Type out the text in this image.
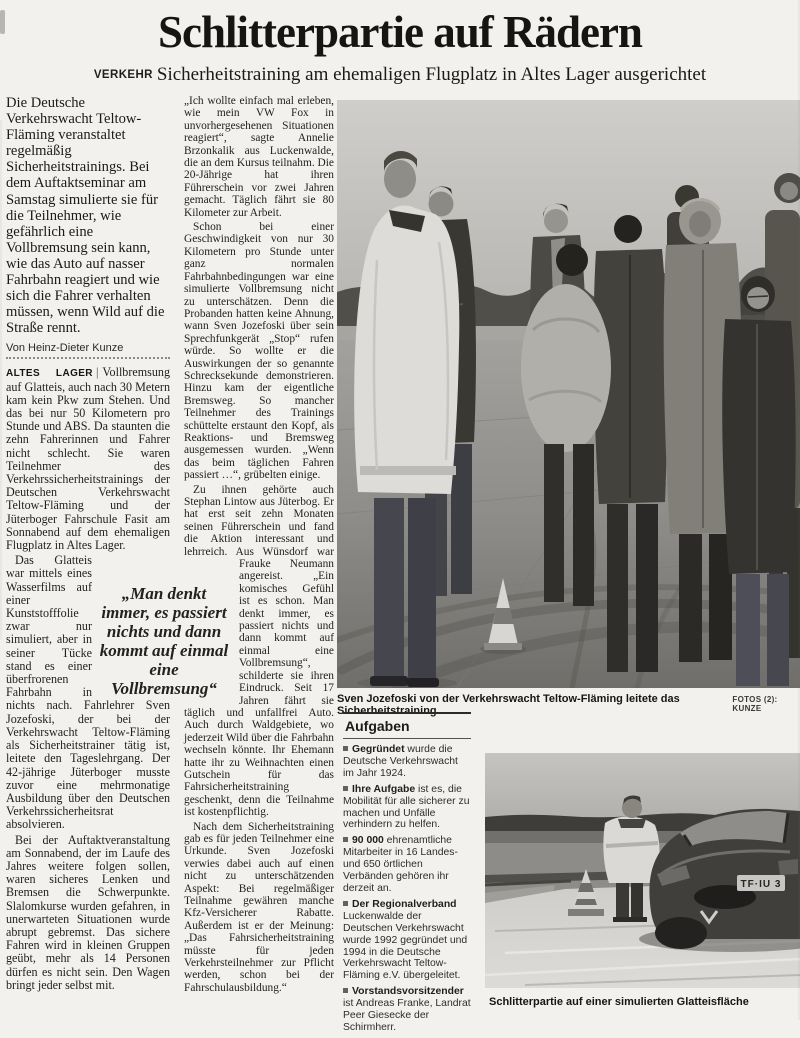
Schlitterpartie auf Rädern
VERKEHR Sicherheitstraining am ehemaligen Flugplatz in Altes Lager ausgerichtet

Die Deutsche Verkehrswacht Teltow-Fläming veranstaltet regelmäßig Sicherheitstrainings. Bei dem Auftaktseminar am Samstag simulierte sie für die Teilnehmer, wie gefährlich eine Vollbremsung sein kann, wie das Auto auf nasser Fahrbahn reagiert und wie sich die Fahrer verhalten müssen, wenn Wild auf die Straße rennt.

Von Heinz-Dieter Kunze

ALTES LAGER | Vollbremsung auf Glatteis, auch nach 30 Metern kam kein Pkw zum Stehen. Und das bei nur 50 Kilometern pro Stunde und ABS. Da staunten die zehn Fahrerinnen und Fahrer nicht schlecht. Sie waren Teilnehmer des Verkehrssicherheitstrainings der Deutschen Verkehrswacht Teltow-Fläming und der Jüterboger Fahrschule Fasit am Sonnabend auf dem ehemaligen Flugplatz in Altes Lager.

Das Glatteis war mittels eines Wasserfilms auf einer Kunststofffolie zwar nur simuliert, aber in seiner Tücke stand es einer überfrorenen Fahrbahn in nichts nach. Fahrlehrer Sven Jozefoski, der bei der Verkehrswacht Teltow-Fläming als Sicherheitstrainer tätig ist, leitete den Tageslehrgang. Der 42-jährige Jüterboger musste zuvor eine mehrmonatige Ausbildung über den Deutschen Verkehrssicherheitsrat absolvieren.

Bei der Auftaktveranstaltung am Sonnabend, der im Laufe des Jahres weitere folgen sollen, waren sicheres Lenken und Bremsen die Schwerpunkte. Slalomkurse wurden gefahren, in unerwarteten Situationen wurde abrupt gebremst. Das sichere Fahren wird in kleinen Gruppen geübt, mehr als 14 Personen dürfen es nicht sein. Den Wagen bringt jeder selbst mit.

„Ich wollte einfach mal erleben, wie mein VW Fox in unvorhergesehenen Situationen reagiert“, sagte Annelie Brzonkalik aus Luckenwalde, die an dem Kursus teilnahm. Die 20-Jährige hat ihren Führerschein vor zwei Jahren gemacht. Täglich fährt sie 80 Kilometer zur Arbeit.

Schon bei einer Geschwindigkeit von nur 30 Kilometern pro Stunde unter ganz normalen Fahrbahnbedingungen war eine simulierte Vollbremsung nicht zu unterschätzen. Denn die Probanden hatten keine Ahnung, wann Sven Jozefoski über sein Sprechfunkgerät „Stop“ rufen würde. So wollte er die Auswirkungen der so genannte Schrecksekunde demonstrieren. Hinzu kam der eigentliche Bremsweg. So mancher Teilnehmer des Trainings schüttelte erstaunt den Kopf, als Reaktions- und Bremsweg ausgemessen wurden. „Wenn das beim täglichen Fahren passiert …“, grübelten einige.

Zu ihnen gehörte auch Stephan Lintow aus Jüterbog. Er hat erst seit zehn Monaten seinen Führerschein und fand die Aktion interessant und lehrreich. Aus Wünsdorf war
Frauke Neumann angereist. „Ein komisches Gefühl ist es schon. Man denkt immer, es passiert nichts und dann kommt auf einmal eine Vollbremsung“, schilderte sie ihren Eindruck. Seit 17 Jahren fährt sie täglich und unfallfrei Auto. Auch durch Waldgebiete, wo jederzeit Wild über die Fahrbahn wechseln könnte. Ihr Ehemann hatte ihr zu Weihnachten einen Gutschein für das Fahrsicherheitstraining geschenkt, denn die Teilnahme ist kostenpflichtig.

Nach dem Sicherheitstraining gab es für jeden Teilnehmer eine Urkunde. Sven Jozefoski verwies dabei auch auf einen nicht zu unterschätzenden Aspekt: Bei regelmäßiger Teilnahme gewähren manche Kfz-Versicherer Rabatte. Außerdem ist er der Meinung: „Das Fahrsicherheitstraining müsste für jeden Verkehrsteilnehmer zur Pflicht werden, schon bei der Fahrschulausbildung.“

„Man denkt immer, es passiert nichts und dann kommt auf einmal eine Vollbremsung“
Sven Jozefoski von der Verkehrswacht Teltow-Fläming leitete das Sicherheitstraining.
FOTOS (2): KUNZE
Aufgaben

Gegründet wurde die Deutsche Verkehrswacht im Jahr 1924.

Ihre Aufgabe ist es, die Mobilität für alle sicherer zu machen und Unfälle verhindern zu helfen.

90 000 ehrenamtliche Mitarbeiter in 16 Landes- und 650 örtlichen Verbänden gehören ihr derzeit an.

Der Regionalverband Luckenwalde der Deutschen Verkehrswacht wurde 1992 gegründet und 1994 in die Deutsche Verkehrswacht Teltow-Fläming e.V. übergeleitet.

Vorstandsvorsitzender ist Andreas Franke, Landrat Peer Giesecke der Schirmherr.

TF·IU 3
Schlitterpartie auf einer simulierten Glatteisfläche
